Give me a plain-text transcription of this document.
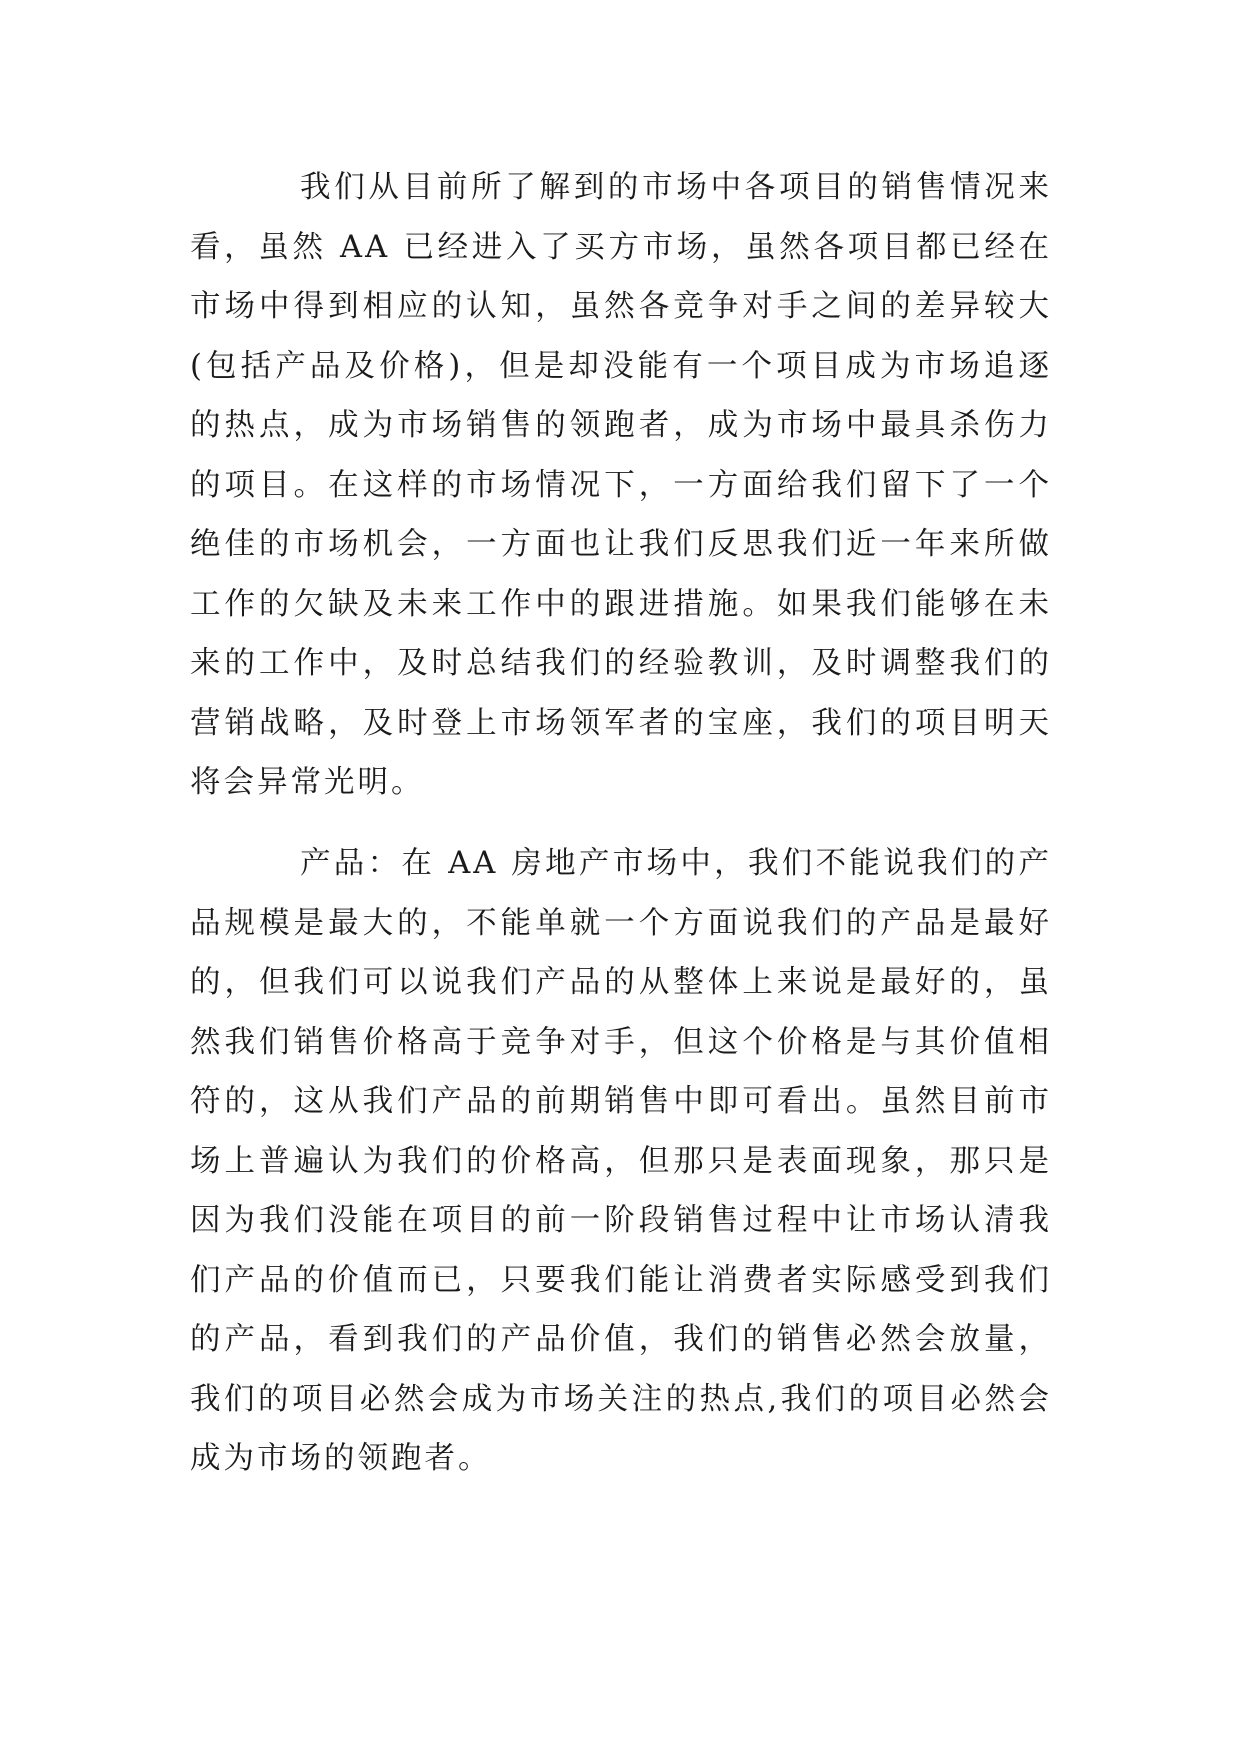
我们从目前所了解到的市场中各项目的销售情况来看，虽然 AA 已经进入了买方市场，虽然各项目都已经在市场中得到相应的认知，虽然各竞争对手之间的差异较大(包括产品及价格)，但是却没能有一个项目成为市场追逐的热点，成为市场销售的领跑者，成为市场中最具杀伤力的项目。在这样的市场情况下，一方面给我们留下了一个绝佳的市场机会，一方面也让我们反思我们近一年来所做工作的欠缺及未来工作中的跟进措施。如果我们能够在未来的工作中，及时总结我们的经验教训，及时调整我们的营销战略，及时登上市场领军者的宝座，我们的项目明天将会异常光明。

产品：在 AA 房地产市场中，我们不能说我们的产品规模是最大的，不能单就一个方面说我们的产品是最好的，但我们可以说我们产品的从整体上来说是最好的，虽然我们销售价格高于竞争对手，但这个价格是与其价值相符的，这从我们产品的前期销售中即可看出。虽然目前市场上普遍认为我们的价格高，但那只是表面现象，那只是因为我们没能在项目的前一阶段销售过程中让市场认清我们产品的价值而已，只要我们能让消费者实际感受到我们的产品，看到我们的产品价值，我们的销售必然会放量，我们的项目必然会成为市场关注的热点,我们的项目必然会成为市场的领跑者。
